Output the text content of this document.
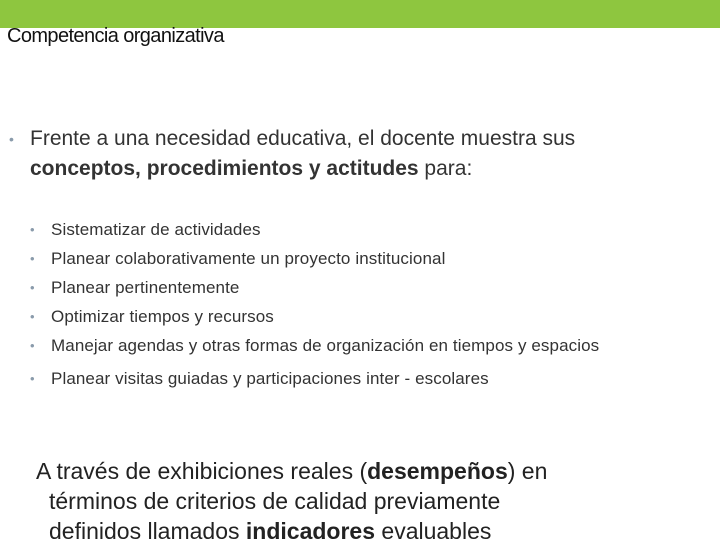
Competencia organizativa
• Frente a una necesidad educativa, el docente muestra sus
conceptos, procedimientos y actitudes para:
• Sistematizar de actividades
• Planear colaborativamente un proyecto institucional
• Planear pertinentemente
• Optimizar tiempos y recursos
• Manejar agendas y otras formas de organización en tiempos y espacios
• Planear visitas guiadas y participaciones inter - escolares
A través de exhibiciones reales (desempeños) en
términos de criterios de calidad previamente
definidos llamados indicadores evaluables
